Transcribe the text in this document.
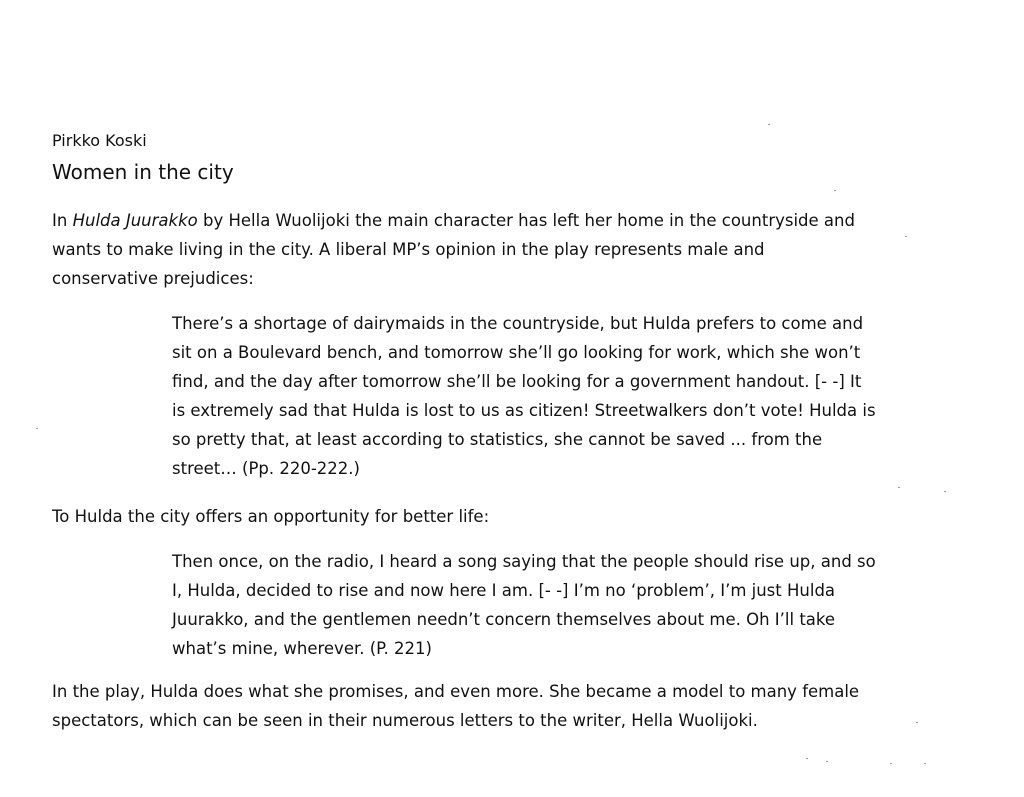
Pirkko Koski
Women in the city
In Hulda Juurakko by Hella Wuolijoki the main character has left her home in the countryside and
wants to make living in the city. A liberal MP’s opinion in the play represents male and
conservative prejudices:
There’s a shortage of dairymaids in the countryside, but Hulda prefers to come and
sit on a Boulevard bench, and tomorrow she’ll go looking for work, which she won’t
find, and the day after tomorrow she’ll be looking for a government handout. [- -] It
is extremely sad that Hulda is lost to us as citizen! Streetwalkers don’t vote! Hulda is
so pretty that, at least according to statistics, she cannot be saved ... from the
street… (Pp. 220-222.)
To Hulda the city offers an opportunity for better life:
Then once, on the radio, I heard a song saying that the people should rise up, and so
I, Hulda, decided to rise and now here I am. [- -] I’m no ‘problem’, I’m just Hulda
Juurakko, and the gentlemen needn’t concern themselves about me. Oh I’ll take
what’s mine, wherever. (P. 221)
In the play, Hulda does what she promises, and even more. She became a model to many female
spectators, which can be seen in their numerous letters to the writer, Hella Wuolijoki.
